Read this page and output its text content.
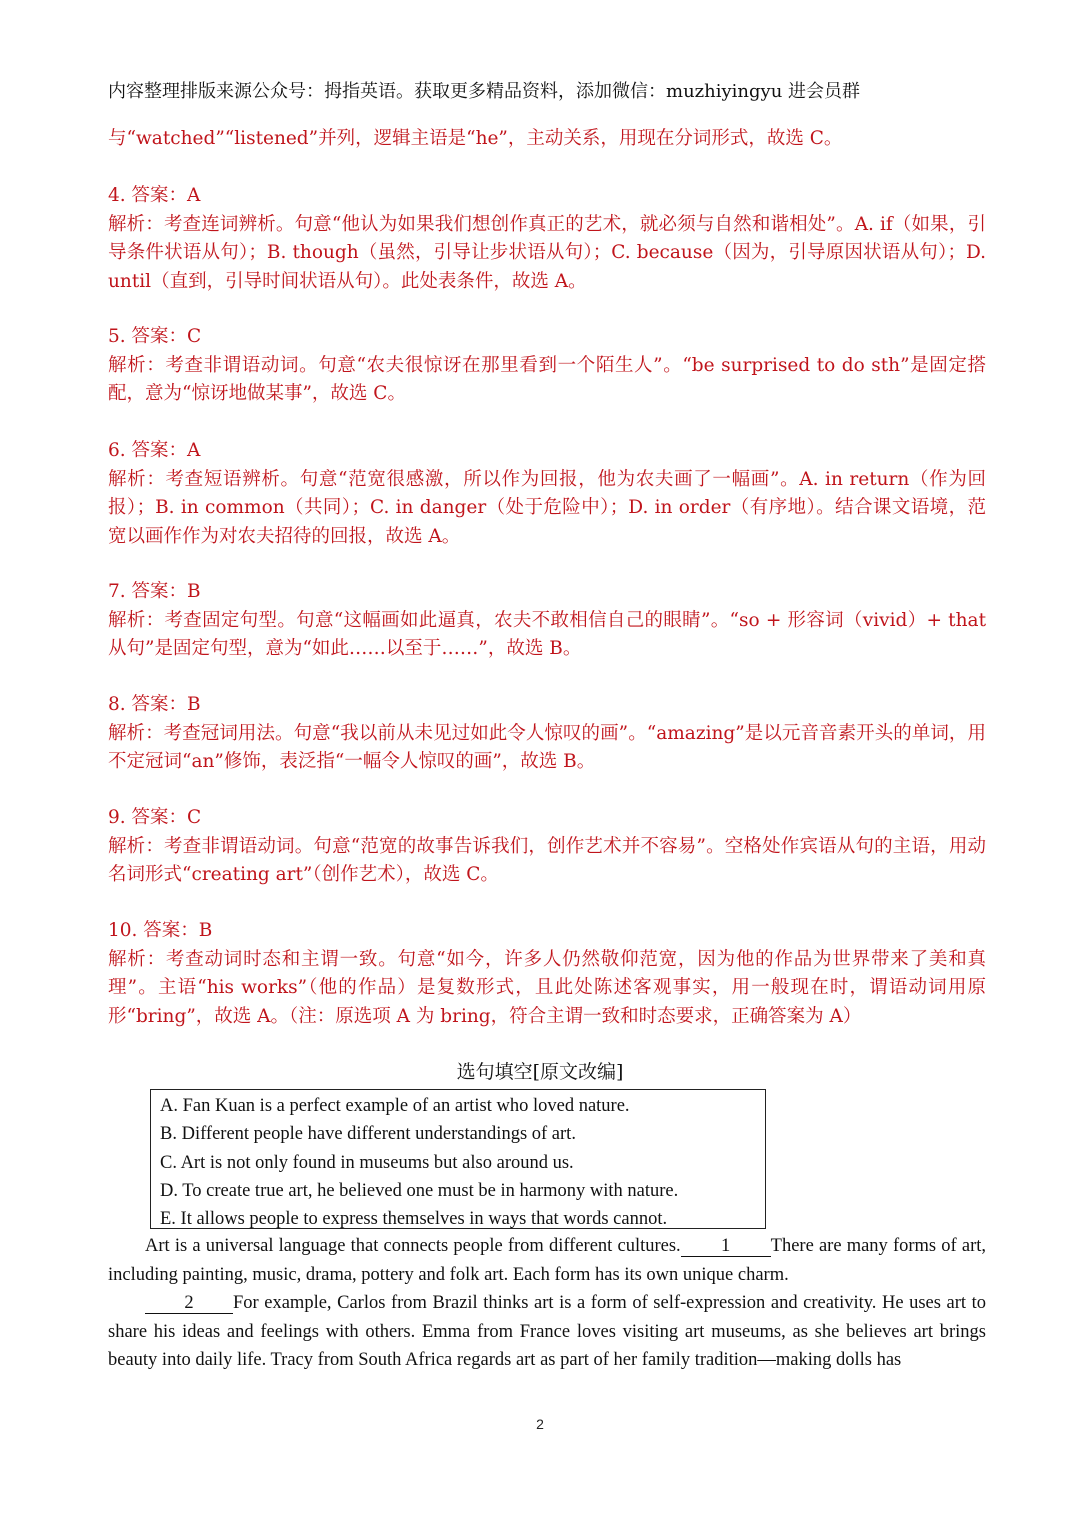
内容整理排版来源公众号：拇指英语。获取更多精品资料，添加微信：muzhiyingyu 进会员群
与“watched”“listened”并列，逻辑主语是“he”，主动关系，用现在分词形式，故选 C。
4. 答案：A
解析：考查连词辨析。句意“他认为如果我们想创作真正的艺术，就必须与自然和谐相处”。A. if（如果，引导条件状语从句）；B. though（虽然，引导让步状语从句）；C. because（因为，引导原因状语从句）；D. until（直到，引导时间状语从句）。此处表条件，故选 A。
5. 答案：C
解析：考查非谓语动词。句意“农夫很惊讶在那里看到一个陌生人”。“be surprised to do sth”是固定搭配，意为“惊讶地做某事”，故选 C。
6. 答案：A
解析：考查短语辨析。句意“范宽很感激，所以作为回报，他为农夫画了一幅画”。A. in return（作为回报）；B. in common（共同）；C. in danger（处于危险中）；D. in order（有序地）。结合课文语境，范宽以画作作为对农夫招待的回报，故选 A。
7. 答案：B
解析：考查固定句型。句意“这幅画如此逼真，农夫不敢相信自己的眼睛”。“so + 形容词（vivid）+ that 从句”是固定句型，意为“如此……以至于……”，故选 B。
8. 答案：B
解析：考查冠词用法。句意“我以前从未见过如此令人惊叹的画”。“amazing”是以元音音素开头的单词，用不定冠词“an”修饰，表泛指“一幅令人惊叹的画”，故选 B。
9. 答案：C
解析：考查非谓语动词。句意“范宽的故事告诉我们，创作艺术并不容易”。空格处作宾语从句的主语，用动名词形式“creating art”（创作艺术），故选 C。
10. 答案：B
解析：考查动词时态和主谓一致。句意“如今，许多人仍然敬仰范宽，因为他的作品为世界带来了美和真理”。主语“his works”（他的作品）是复数形式，且此处陈述客观事实，用一般现在时，谓语动词用原形“bring”，故选 A。（注：原选项 A 为 bring，符合主谓一致和时态要求，正确答案为 A）
选句填空[原文改编]
A. Fan Kuan is a perfect example of an artist who loved nature.
B. Different people have different understandings of art.
C. Art is not only found in museums but also around us.
D. To create true art, he believed one must be in harmony with nature.
E. It allows people to express themselves in ways that words cannot.
Art is a universal language that connects people from different cultures. 1 There are many forms of art, including painting, music, drama, pottery and folk art. Each form has its own unique charm.
2 For example, Carlos from Brazil thinks art is a form of self-expression and creativity. He uses art to share his ideas and feelings with others. Emma from France loves visiting art museums, as she believes art brings beauty into daily life. Tracy from South Africa regards art as part of her family tradition—making dolls has
2
